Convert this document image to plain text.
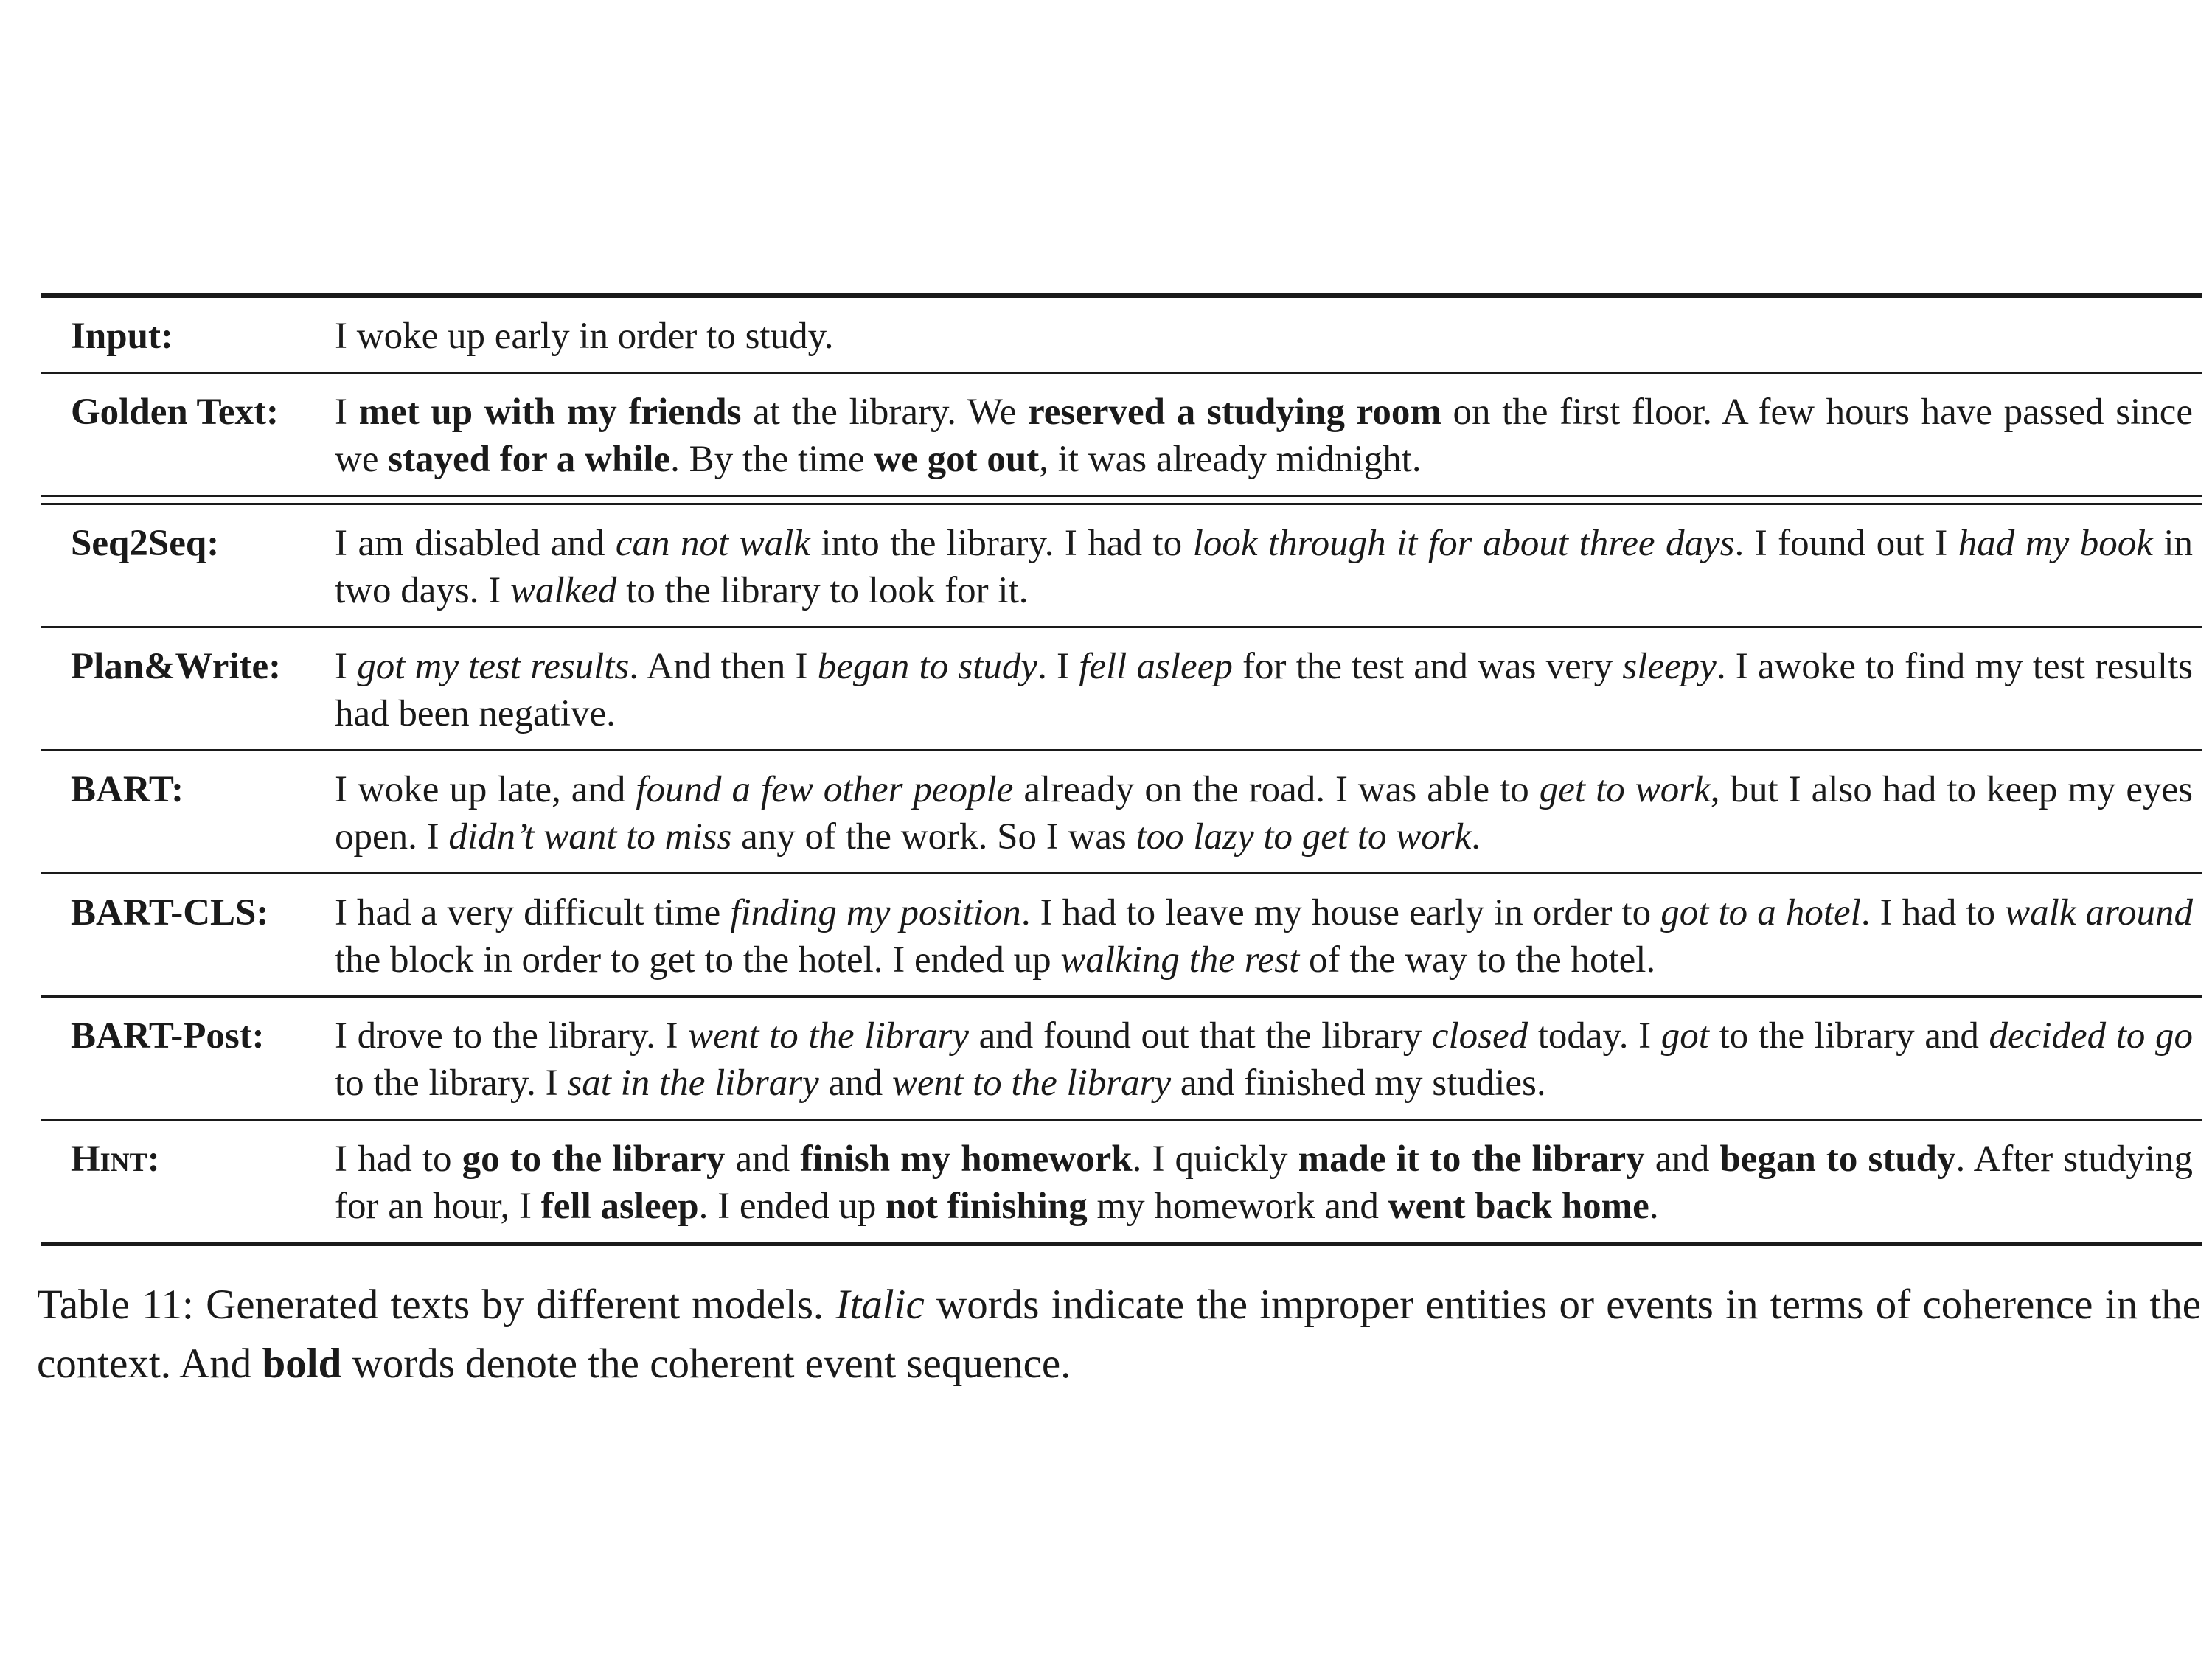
Input:	I woke up early in order to study.
Golden Text:	I met up with my friends at the library. We reserved a studying room on the first floor. A few hours have passed since we stayed for a while. By the time we got out, it was already midnight.
Seq2Seq:	I am disabled and can not walk into the library. I had to look through it for about three days. I found out I had my book in two days. I walked to the library to look for it.
Plan&Write:	I got my test results. And then I began to study. I fell asleep for the test and was very sleepy. I awoke to find my test results had been negative.
BART:	I woke up late, and found a few other people already on the road. I was able to get to work, but I also had to keep my eyes open. I didn’t want to miss any of the work. So I was too lazy to get to work.
BART-CLS:	I had a very difficult time finding my position. I had to leave my house early in order to got to a hotel. I had to walk around the block in order to get to the hotel. I ended up walking the rest of the way to the hotel.
BART-Post:	I drove to the library. I went to the library and found out that the library closed today. I got to the library and decided to go to the library. I sat in the library and went to the library and finished my studies.
Hint:	I had to go to the library and finish my homework. I quickly made it to the library and began to study. After studying for an hour, I fell asleep. I ended up not finishing my homework and went back home.
Table 11: Generated texts by different models. Italic words indicate the improper entities or events in terms of coherence in the context. And bold words denote the coherent event sequence.
